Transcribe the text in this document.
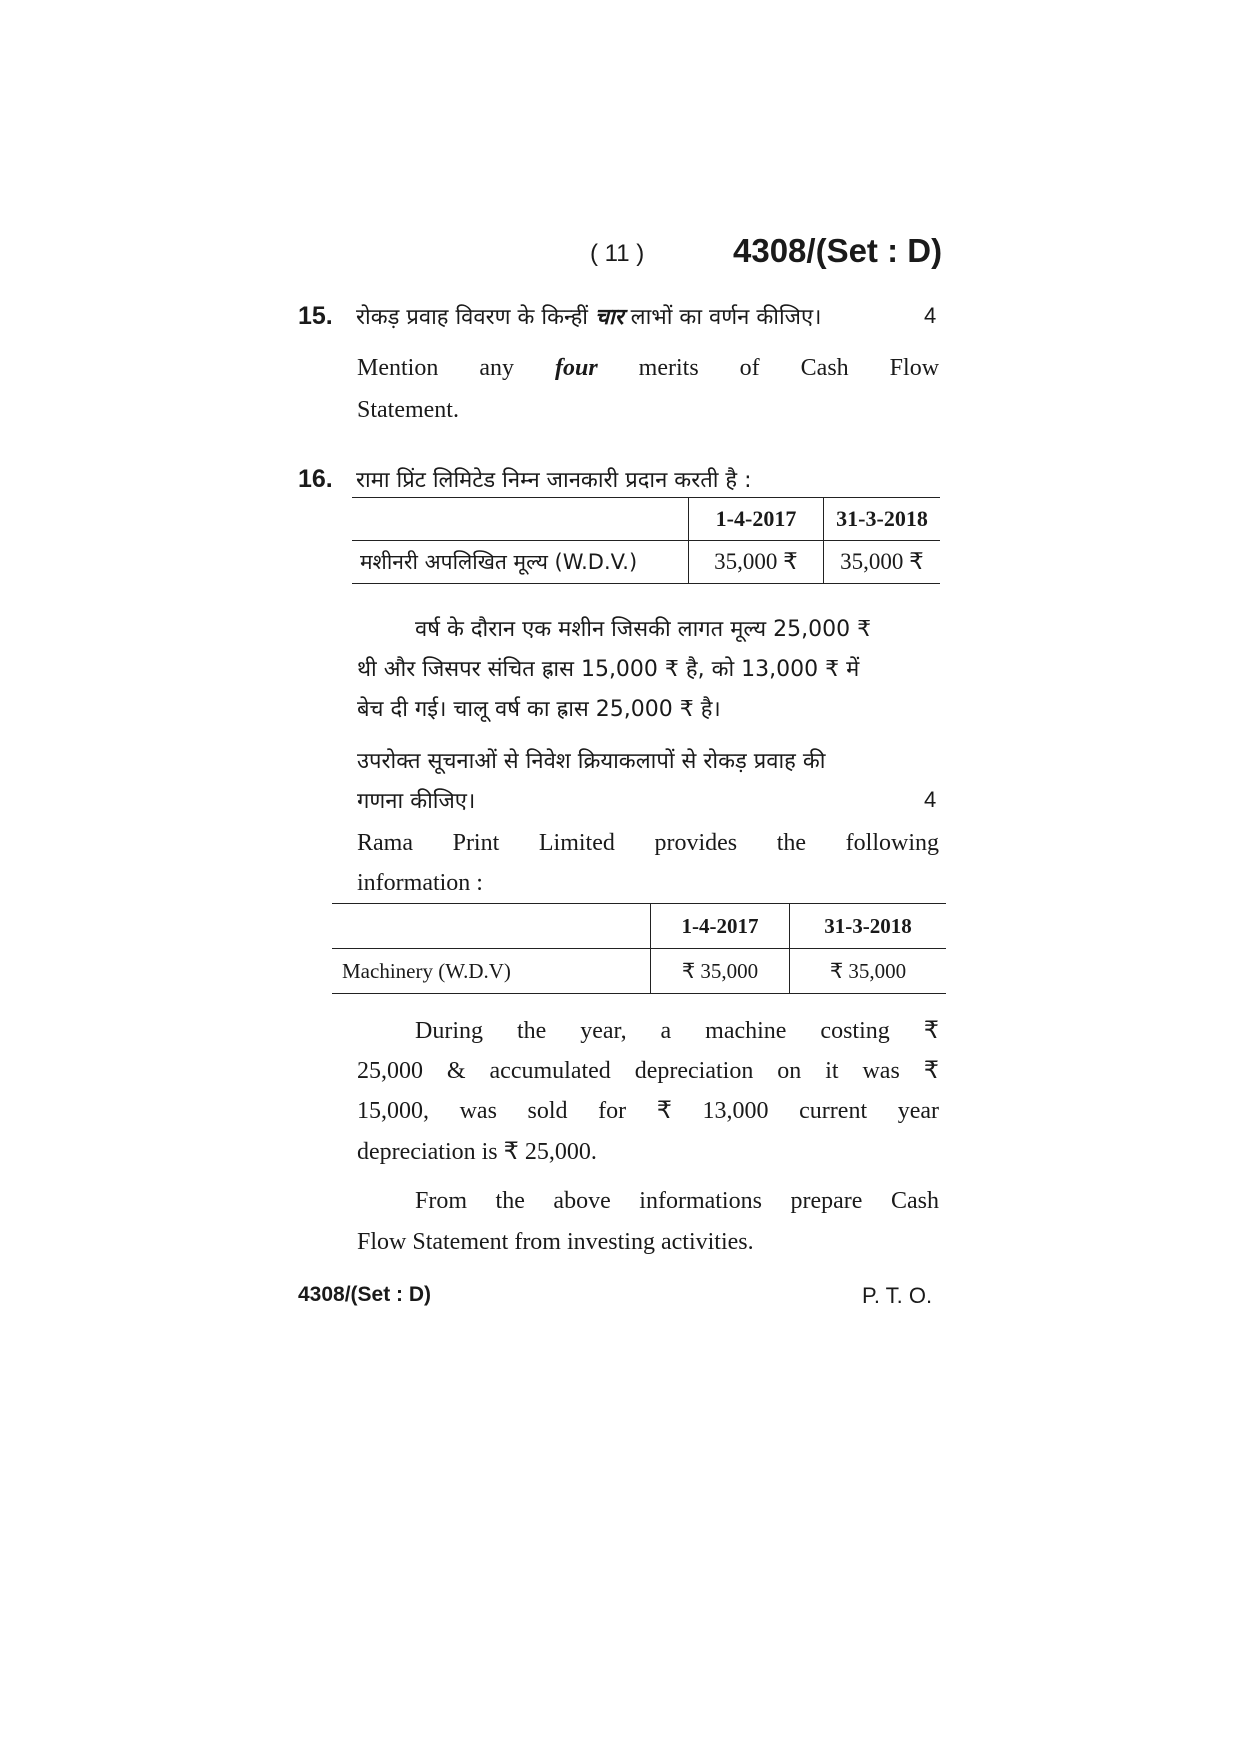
( 11 )	4308/(Set : D)
15. रोकड़ प्रवाह विवरण के किन्हीं चार लाभों का वर्णन कीजिए।	4
Mention any four merits of Cash Flow
Statement.
16. रामा प्रिंट लिमिटेड निम्न जानकारी प्रदान करती है :
	1-4-2017	31-3-2018
मशीनरी अपलिखित मूल्य (W.D.V.)	35,000 ₹	35,000 ₹
वर्ष के दौरान एक मशीन जिसकी लागत मूल्य 25,000 ₹
थी और जिसपर संचित ह्रास 15,000 ₹ है, को 13,000 ₹ में
बेच दी गई। चालू वर्ष का ह्रास 25,000 ₹ है।
उपरोक्त सूचनाओं से निवेश क्रियाकलापों से रोकड़ प्रवाह की
गणना कीजिए।	4
Rama Print Limited provides the following
information :
	1-4-2017	31-3-2018
Machinery (W.D.V)	₹ 35,000	₹ 35,000
During the year, a machine costing ₹
25,000 & accumulated depreciation on it was ₹
15,000, was sold for ₹ 13,000 current year
depreciation is ₹ 25,000.
From the above informations prepare Cash
Flow Statement from investing activities.
4308/(Set : D)	P. T. O.
